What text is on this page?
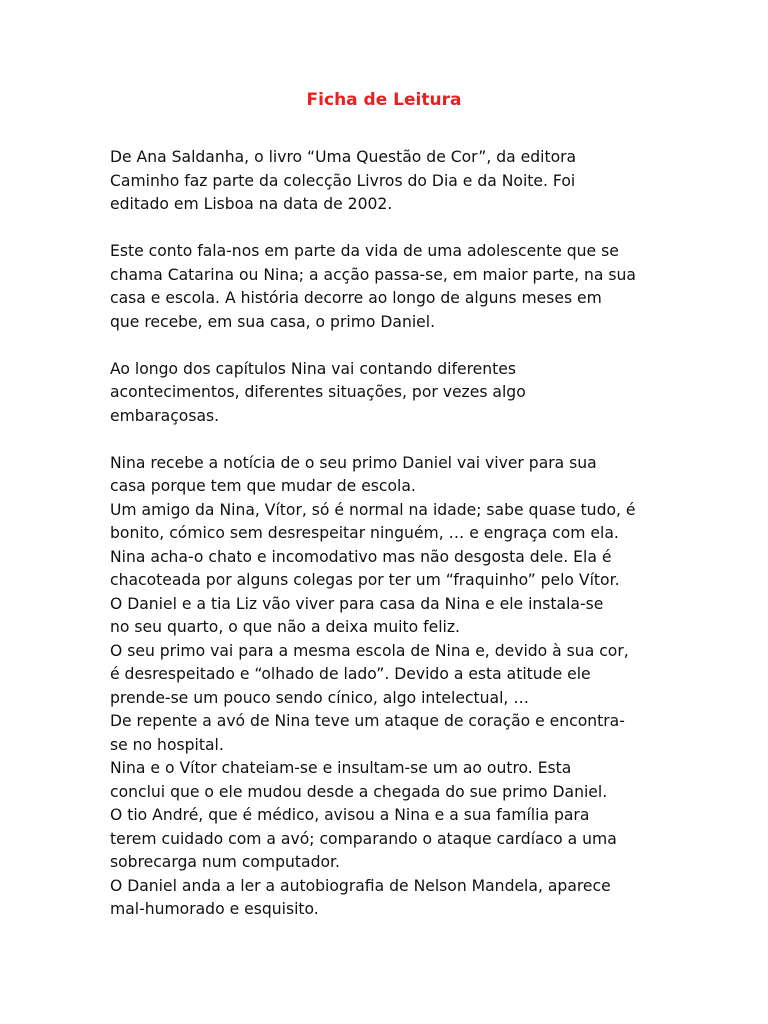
Ficha de Leitura

De Ana Saldanha, o livro “Uma Questão de Cor”, da editora
Caminho faz parte da colecção Livros do Dia e da Noite. Foi
editado em Lisboa na data de 2002.

Este conto fala-nos em parte da vida de uma adolescente que se
chama Catarina ou Nina; a acção passa-se, em maior parte, na sua
casa e escola. A história decorre ao longo de alguns meses em
que recebe, em sua casa, o primo Daniel.

Ao longo dos capítulos Nina vai contando diferentes
acontecimentos, diferentes situações, por vezes algo
embaraçosas.

Nina recebe a notícia de o seu primo Daniel vai viver para sua
casa porque tem que mudar de escola.
Um amigo da Nina, Vítor, só é normal na idade; sabe quase tudo, é
bonito, cómico sem desrespeitar ninguém, … e engraça com ela.
Nina acha-o chato e incomodativo mas não desgosta dele. Ela é
chacoteada por alguns colegas por ter um “fraquinho” pelo Vítor.
O Daniel e a tia Liz vão viver para casa da Nina e ele instala-se
no seu quarto, o que não a deixa muito feliz.
O seu primo vai para a mesma escola de Nina e, devido à sua cor,
é desrespeitado e “olhado de lado”. Devido a esta atitude ele
prende-se um pouco sendo cínico, algo intelectual, …
De repente a avó de Nina teve um ataque de coração e encontra-
se no hospital.
Nina e o Vítor chateiam-se e insultam-se um ao outro. Esta
conclui que o ele mudou desde a chegada do sue primo Daniel.
O tio André, que é médico, avisou a Nina e a sua família para
terem cuidado com a avó; comparando o ataque cardíaco a uma
sobrecarga num computador.
O Daniel anda a ler a autobiografia de Nelson Mandela, aparece
mal-humorado e esquisito.
